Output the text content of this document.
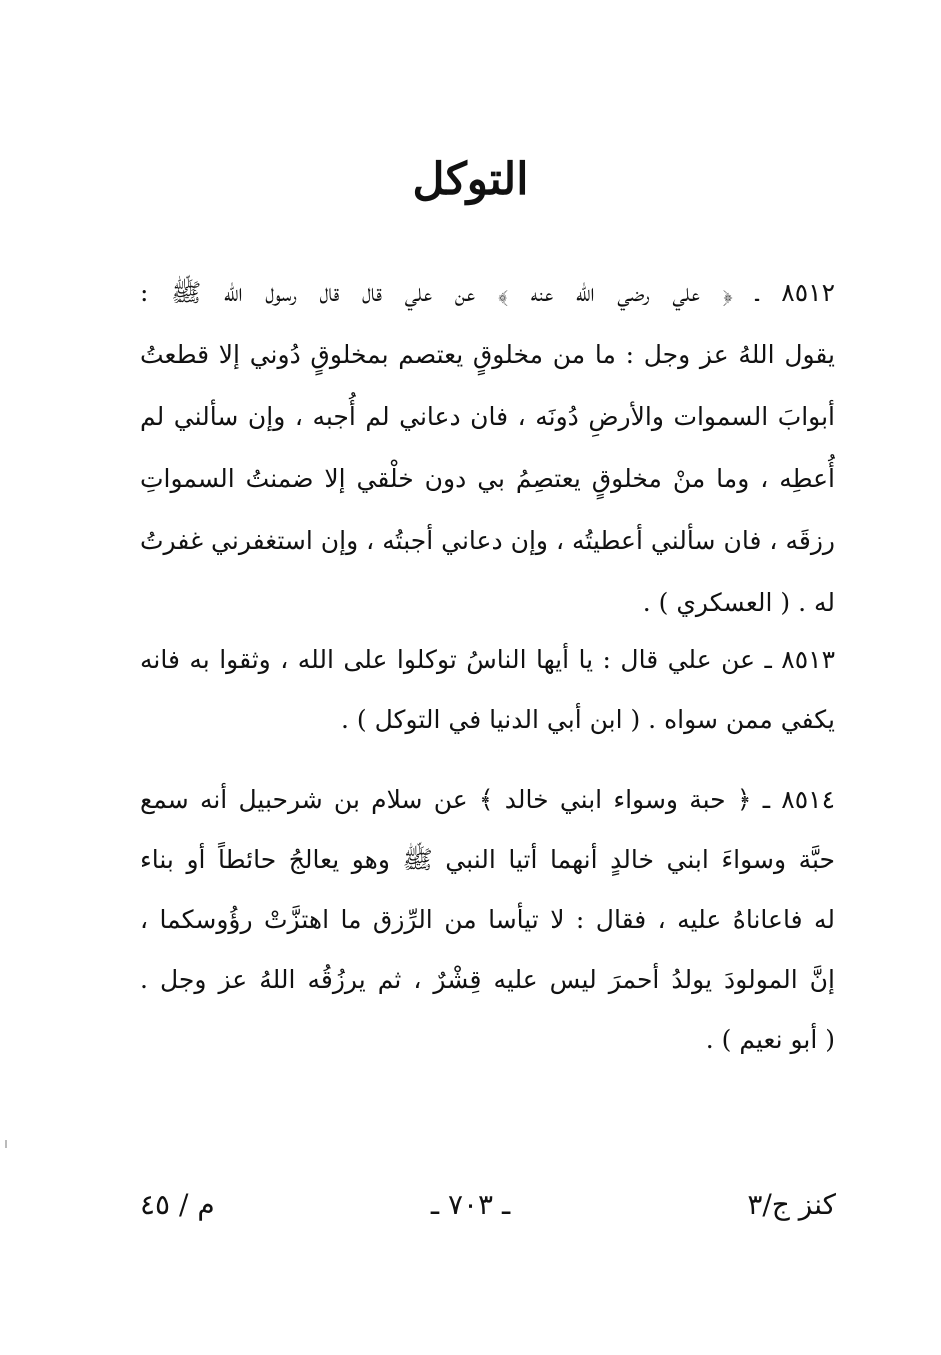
التوكل
٨٥١٢ ـ ﴿ علي رضي الله عنه ﴾ عن علي قال قال رسول الله ﷺ :
يقول اللهُ عز وجل : ما من مخلوقٍ يعتصم بمخلوقٍ دُوني إلا قطعتُ
أبوابَ السموات والأرضِ دُونَه ، فان دعاني لم أُجبه ، وإن سألني لم
أُعطِه ، وما منْ مخلوقٍ يعتصِمُ بي دون خلْقي إلا ضمنتُ السمواتِ
رزقَه ، فان سألني أعطيتُه ، وإن دعاني أجبتُه ، وإن استغفرني غفرتُ
له . ( العسكري ) .
٨٥١٣ ـ عن علي قال : يا أيها الناسُ توكلوا على الله ، وثقوا به فانه
يكفي ممن سواه . ( ابن أبي الدنيا في التوكل ) .
٨٥١٤ ـ ﴿ حبة وسواء ابني خالد ﴾ عن سلام بن شرحبيل أنه سمع
حبَّة وسواءَ ابني خالدٍ أنهما أتيا النبي ﷺ وهو يعالجُ حائطاً أو بناء
له فاعاناهُ عليه ، فقال : لا تيأسا من الرِّزق ما اهتزَّتْ رؤُوسكما ،
إنَّ المولودَ يولدُ أحمرَ ليس عليه قِشْرٌ ، ثم يرزُقُه اللهُ عز وجل .
( أبو نعيم ) .
كنز ج/٣
ـ ٧٠٣ ـ
م / ٤٥
